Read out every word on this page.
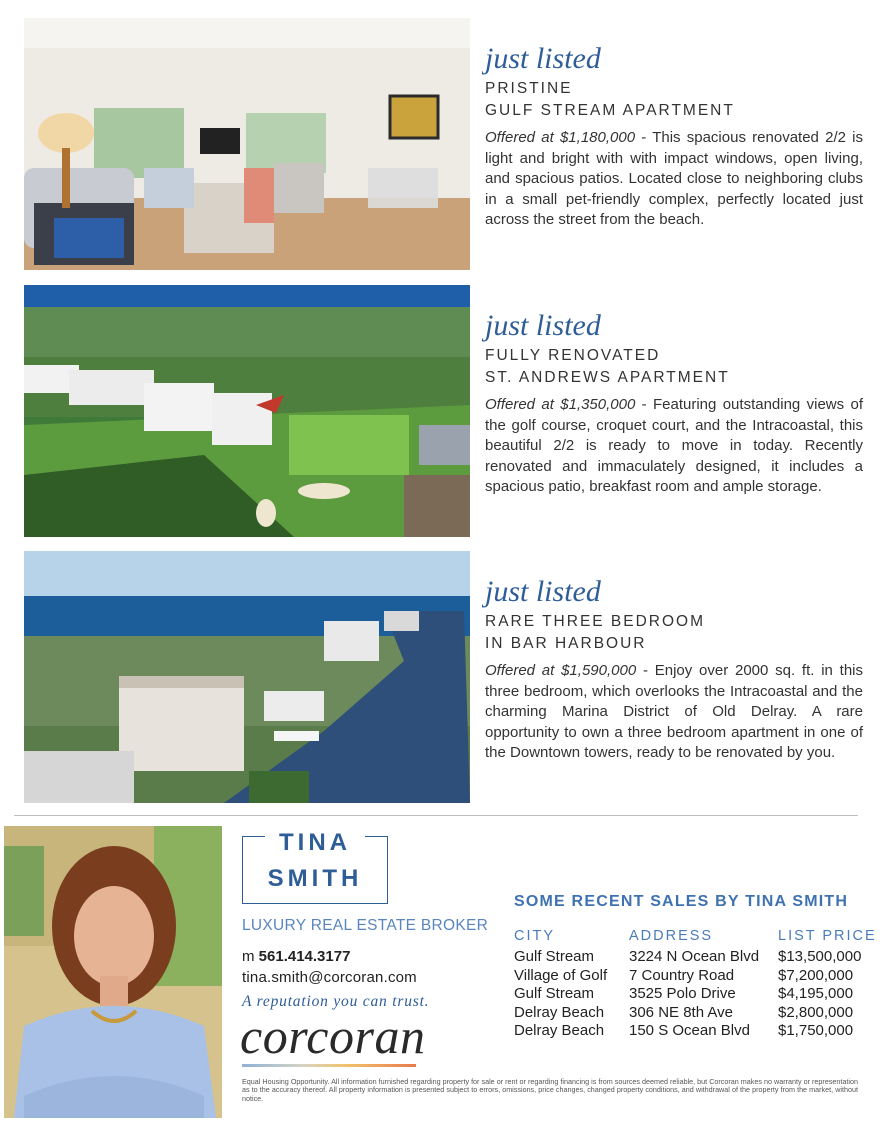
just listed
PRISTINE
GULF STREAM APARTMENT
Offered at $1,180,000 - This spacious renovated 2/2 is light and bright with with impact windows, open living, and spacious patios. Located close to neighboring clubs in a small pet-friendly complex, perfectly located just across the street from the beach.
just listed
FULLY RENOVATED
ST. ANDREWS APARTMENT
Offered at $1,350,000 - Featuring outstanding views of the golf course, croquet court, and the Intracoastal, this beautiful 2/2 is ready to move in today. Recently renovated and immaculately designed, it includes a spacious patio, breakfast room and ample storage.
just listed
RARE THREE BEDROOM
IN BAR HARBOUR
Offered at $1,590,000 - Enjoy over 2000 sq. ft. in this three bedroom, which overlooks the Intracoastal and the charming Marina District of Old Delray. A rare opportunity to own a three bedroom apartment in one of the Downtown towers, ready to be renovated by you.
TINA
SMITH
LUXURY REAL ESTATE BROKER
m 561.414.3177
tina.smith@corcoran.com
A reputation you can trust.
corcoran
SOME RECENT SALES BY TINA SMITH
CITY	ADDRESS	LIST PRICE
Gulf Stream	3224 N Ocean Blvd	$13,500,000
Village of Golf	7 Country Road	$7,200,000
Gulf Stream	3525 Polo Drive	$4,195,000
Delray Beach	306 NE 8th Ave	$2,800,000
Delray Beach	150 S Ocean Blvd	$1,750,000
Equal Housing Opportunity. All information furnished regarding property for sale or rent or regarding financing is from sources deemed reliable, but Corcoran makes no warranty or representation as to the accuracy thereof. All property information is presented subject to errors, omissions, price changes, changed property conditions, and withdrawal of the property from the market, without notice.
